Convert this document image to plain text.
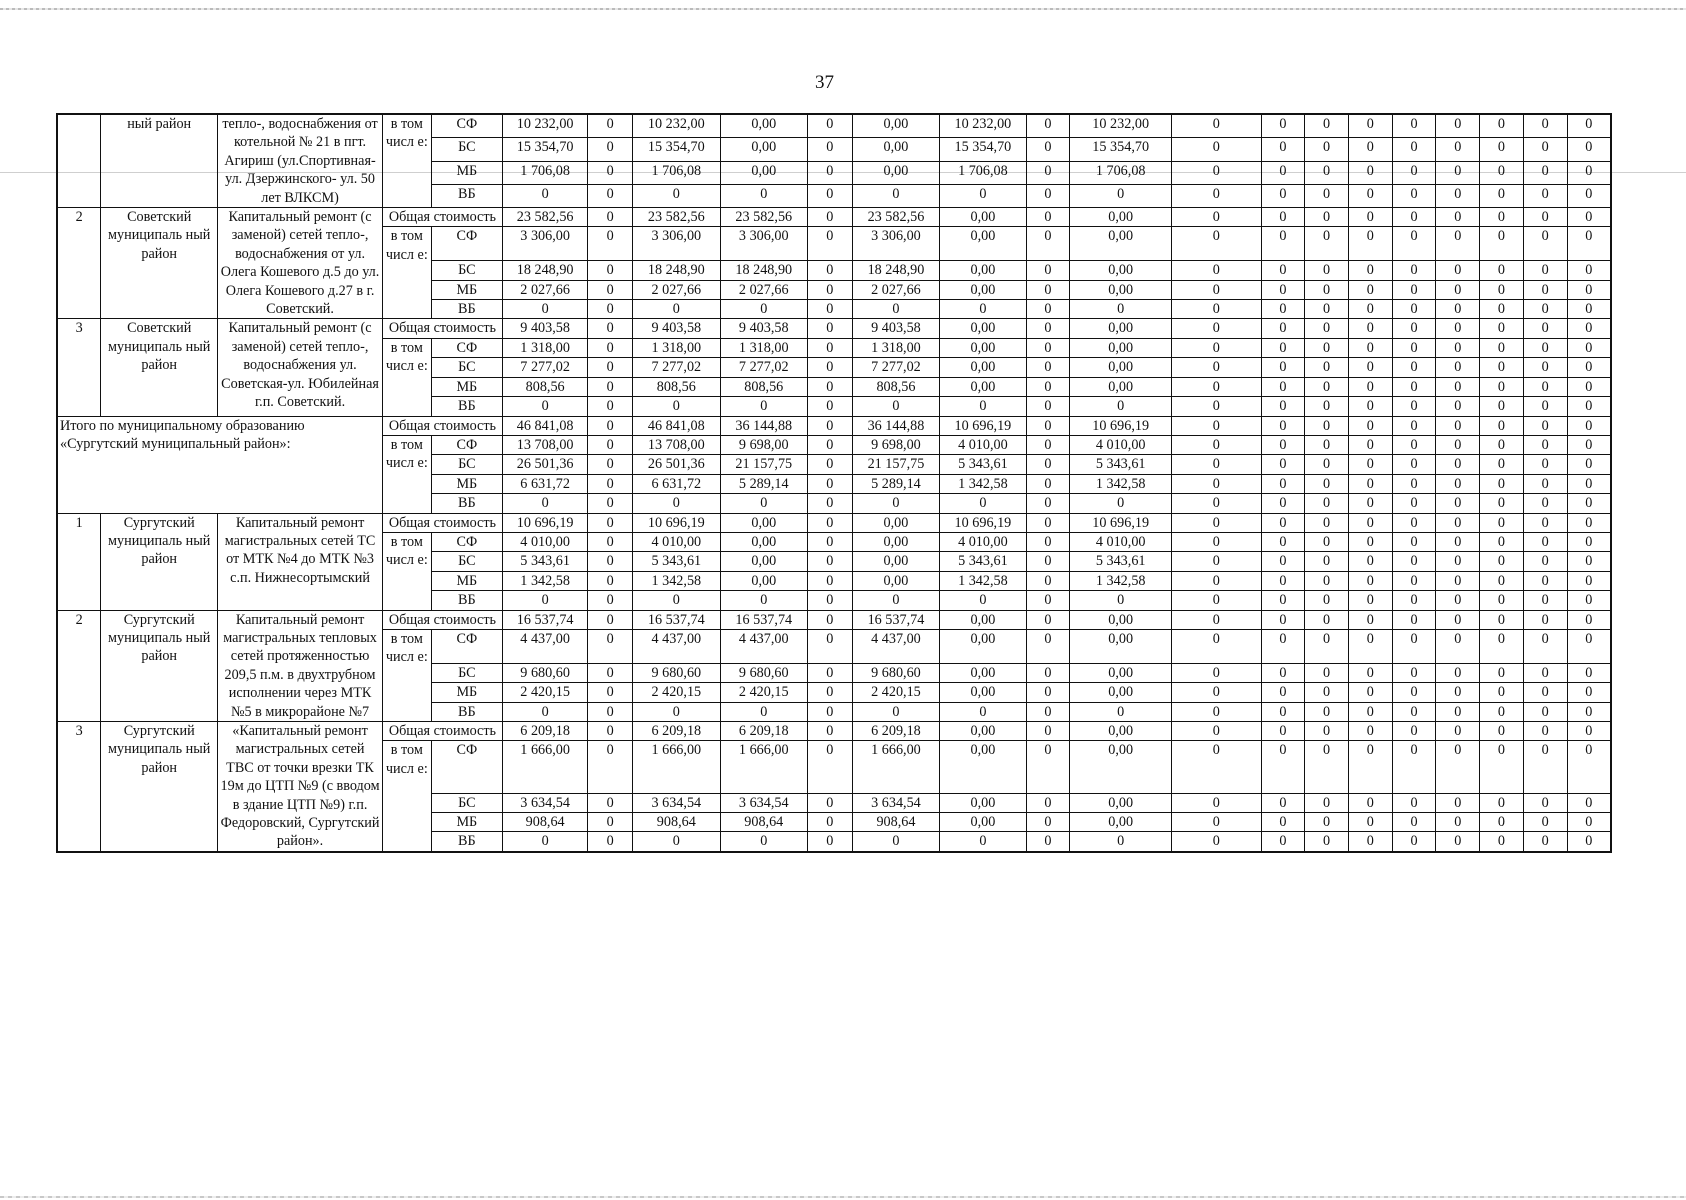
37
	ный район	тепло-, водоснабжения от котельной № 21 в пгт. Агириш (ул.Спортивная-ул. Дзержинского- ул. 50 лет ВЛКСМ)	в том числ е:	СФ	10 232,00	0	10 232,00	0,00	0	0,00	10 232,00	0	10 232,00	0	0	0	0	0	0	0	0	0
				БС	15 354,70	0	15 354,70	0,00	0	0,00	15 354,70	0	15 354,70	0	0	0	0	0	0	0	0	0
				МБ	1 706,08	0	1 706,08	0,00	0	0,00	1 706,08	0	1 706,08	0	0	0	0	0	0	0	0	0
				ВБ	0	0	0	0	0	0	0	0	0	0	0	0	0	0	0	0	0	0
2	Советский муниципаль ный район	Капитальный ремонт (с заменой) сетей тепло-, водоснабжения от ул. Олега Кошевого д.5 до ул. Олега Кошевого д.27 в г. Советский.	Общая стоимость		23 582,56	0	23 582,56	23 582,56	0	23 582,56	0,00	0	0,00	0	0	0	0	0	0	0	0	0
			в том числ е:	СФ	3 306,00	0	3 306,00	3 306,00	0	3 306,00	0,00	0	0,00	0	0	0	0	0	0	0	0	0
				БС	18 248,90	0	18 248,90	18 248,90	0	18 248,90	0,00	0	0,00	0	0	0	0	0	0	0	0	0
				МБ	2 027,66	0	2 027,66	2 027,66	0	2 027,66	0,00	0	0,00	0	0	0	0	0	0	0	0	0
				ВБ	0	0	0	0	0	0	0	0	0	0	0	0	0	0	0	0	0	0
3	Советский муниципаль ный район	Капитальный ремонт (с заменой) сетей тепло-, водоснабжения ул. Советская-ул. Юбилейная г.п. Советский.	Общая стоимость		9 403,58	0	9 403,58	9 403,58	0	9 403,58	0,00	0	0,00	0	0	0	0	0	0	0	0	0
			в том числ е:	СФ	1 318,00	0	1 318,00	1 318,00	0	1 318,00	0,00	0	0,00	0	0	0	0	0	0	0	0	0
				БС	7 277,02	0	7 277,02	7 277,02	0	7 277,02	0,00	0	0,00	0	0	0	0	0	0	0	0	0
				МБ	808,56	0	808,56	808,56	0	808,56	0,00	0	0,00	0	0	0	0	0	0	0	0	0
				ВБ	0	0	0	0	0	0	0	0	0	0	0	0	0	0	0	0	0	0
Итого по муниципальному образованию «Сургутский муниципальный район»:			Общая стоимость		46 841,08	0	46 841,08	36 144,88	0	36 144,88	10 696,19	0	10 696,19	0	0	0	0	0	0	0	0	0
			в том числ е:	СФ	13 708,00	0	13 708,00	9 698,00	0	9 698,00	4 010,00	0	4 010,00	0	0	0	0	0	0	0	0	0
				БС	26 501,36	0	26 501,36	21 157,75	0	21 157,75	5 343,61	0	5 343,61	0	0	0	0	0	0	0	0	0
				МБ	6 631,72	0	6 631,72	5 289,14	0	5 289,14	1 342,58	0	1 342,58	0	0	0	0	0	0	0	0	0
				ВБ	0	0	0	0	0	0	0	0	0	0	0	0	0	0	0	0	0	0
1	Сургутский муниципаль ный район	Капитальный ремонт магистральных сетей ТС от МТК №4 до МТК №3 с.п. Нижнесортымский	Общая стоимость		10 696,19	0	10 696,19	0,00	0	0,00	10 696,19	0	10 696,19	0	0	0	0	0	0	0	0	0
			в том числ е:	СФ	4 010,00	0	4 010,00	0,00	0	0,00	4 010,00	0	4 010,00	0	0	0	0	0	0	0	0	0
				БС	5 343,61	0	5 343,61	0,00	0	0,00	5 343,61	0	5 343,61	0	0	0	0	0	0	0	0	0
				МБ	1 342,58	0	1 342,58	0,00	0	0,00	1 342,58	0	1 342,58	0	0	0	0	0	0	0	0	0
				ВБ	0	0	0	0	0	0	0	0	0	0	0	0	0	0	0	0	0	0
2	Сургутский муниципаль ный район	Капитальный ремонт магистральных тепловых сетей протяженностью 209,5 п.м. в двухтрубном исполнении через МТК №5 в микрорайоне №7	Общая стоимость		16 537,74	0	16 537,74	16 537,74	0	16 537,74	0,00	0	0,00	0	0	0	0	0	0	0	0	0
			в том числ е:	СФ	4 437,00	0	4 437,00	4 437,00	0	4 437,00	0,00	0	0,00	0	0	0	0	0	0	0	0	0
				БС	9 680,60	0	9 680,60	9 680,60	0	9 680,60	0,00	0	0,00	0	0	0	0	0	0	0	0	0
				МБ	2 420,15	0	2 420,15	2 420,15	0	2 420,15	0,00	0	0,00	0	0	0	0	0	0	0	0	0
				ВБ	0	0	0	0	0	0	0	0	0	0	0	0	0	0	0	0	0	0
3	Сургутский муниципаль ный район	«Капитальный ремонт магистральных сетей ТВС от точки врезки ТК 19м до ЦТП №9 (с вводом в здание ЦТП №9) г.п. Федоровский, Сургутский район».	Общая стоимость		6 209,18	0	6 209,18	6 209,18	0	6 209,18	0,00	0	0,00	0	0	0	0	0	0	0	0	0
			в том числ е:	СФ	1 666,00	0	1 666,00	1 666,00	0	1 666,00	0,00	0	0,00	0	0	0	0	0	0	0	0	0
				БС	3 634,54	0	3 634,54	3 634,54	0	3 634,54	0,00	0	0,00	0	0	0	0	0	0	0	0	0
				МБ	908,64	0	908,64	908,64	0	908,64	0,00	0	0,00	0	0	0	0	0	0	0	0	0
				ВБ	0	0	0	0	0	0	0	0	0	0	0	0	0	0	0	0	0	0
